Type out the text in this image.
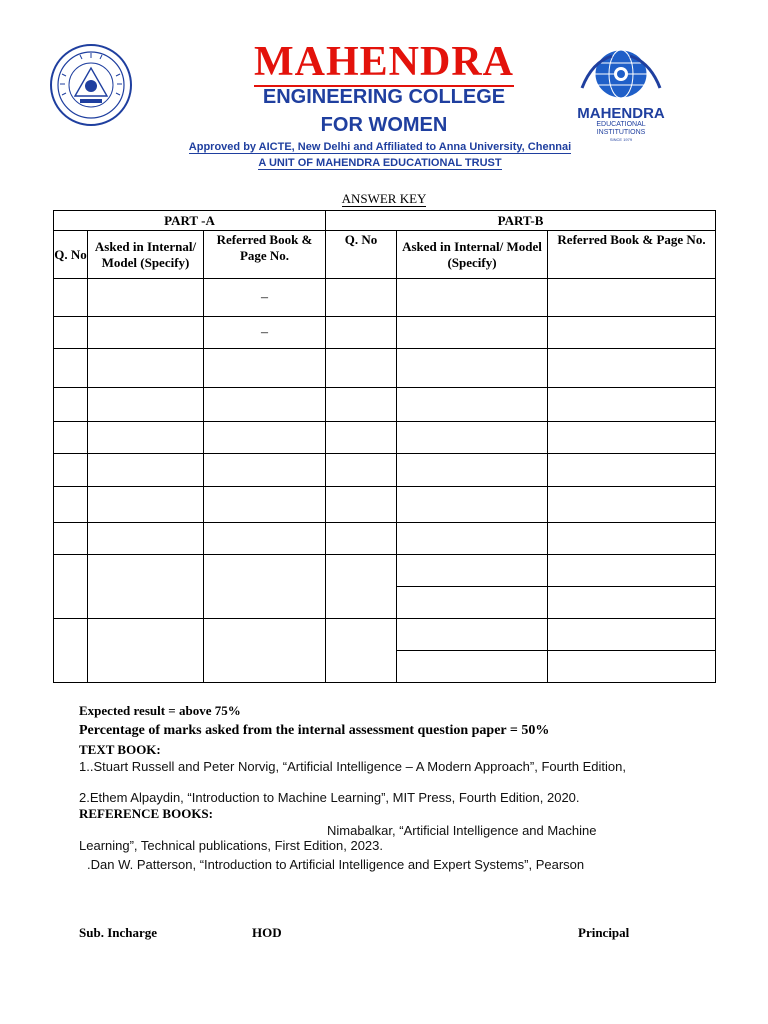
MAHENDRA
ENGINEERING COLLEGE
FOR WOMEN
MAHENDRA
EDUCATIONAL INSTITUTIONS
SINCE 1979
Approved by AICTE, New Delhi and Affiliated to Anna University, Chennai
A UNIT OF MAHENDRA EDUCATIONAL TRUST
ANSWER KEY
PART -A			PART-B		
Q. No	Asked in Internal/ Model (Specify)	Referred Book & Page No.	Q. No	Asked in Internal/ Model (Specify)	Referred Book & Page No.
		–			
		–			

Expected result = above 75%
Percentage of marks asked from the internal assessment question paper = 50%
TEXT BOOK:
1..Stuart Russell and Peter Norvig, “Artificial Intelligence – A Modern Approach”, Fourth Edition,
2.Ethem Alpaydin, “Introduction to Machine Learning”, MIT Press, Fourth Edition, 2020.
REFERENCE BOOKS:
Nimabalkar, “Artificial Intelligence and Machine
Learning”, Technical publications, First Edition, 2023.
.Dan W. Patterson, “Introduction to Artificial Intelligence and Expert Systems”, Pearson
Sub. Incharge	HOD	Principal
